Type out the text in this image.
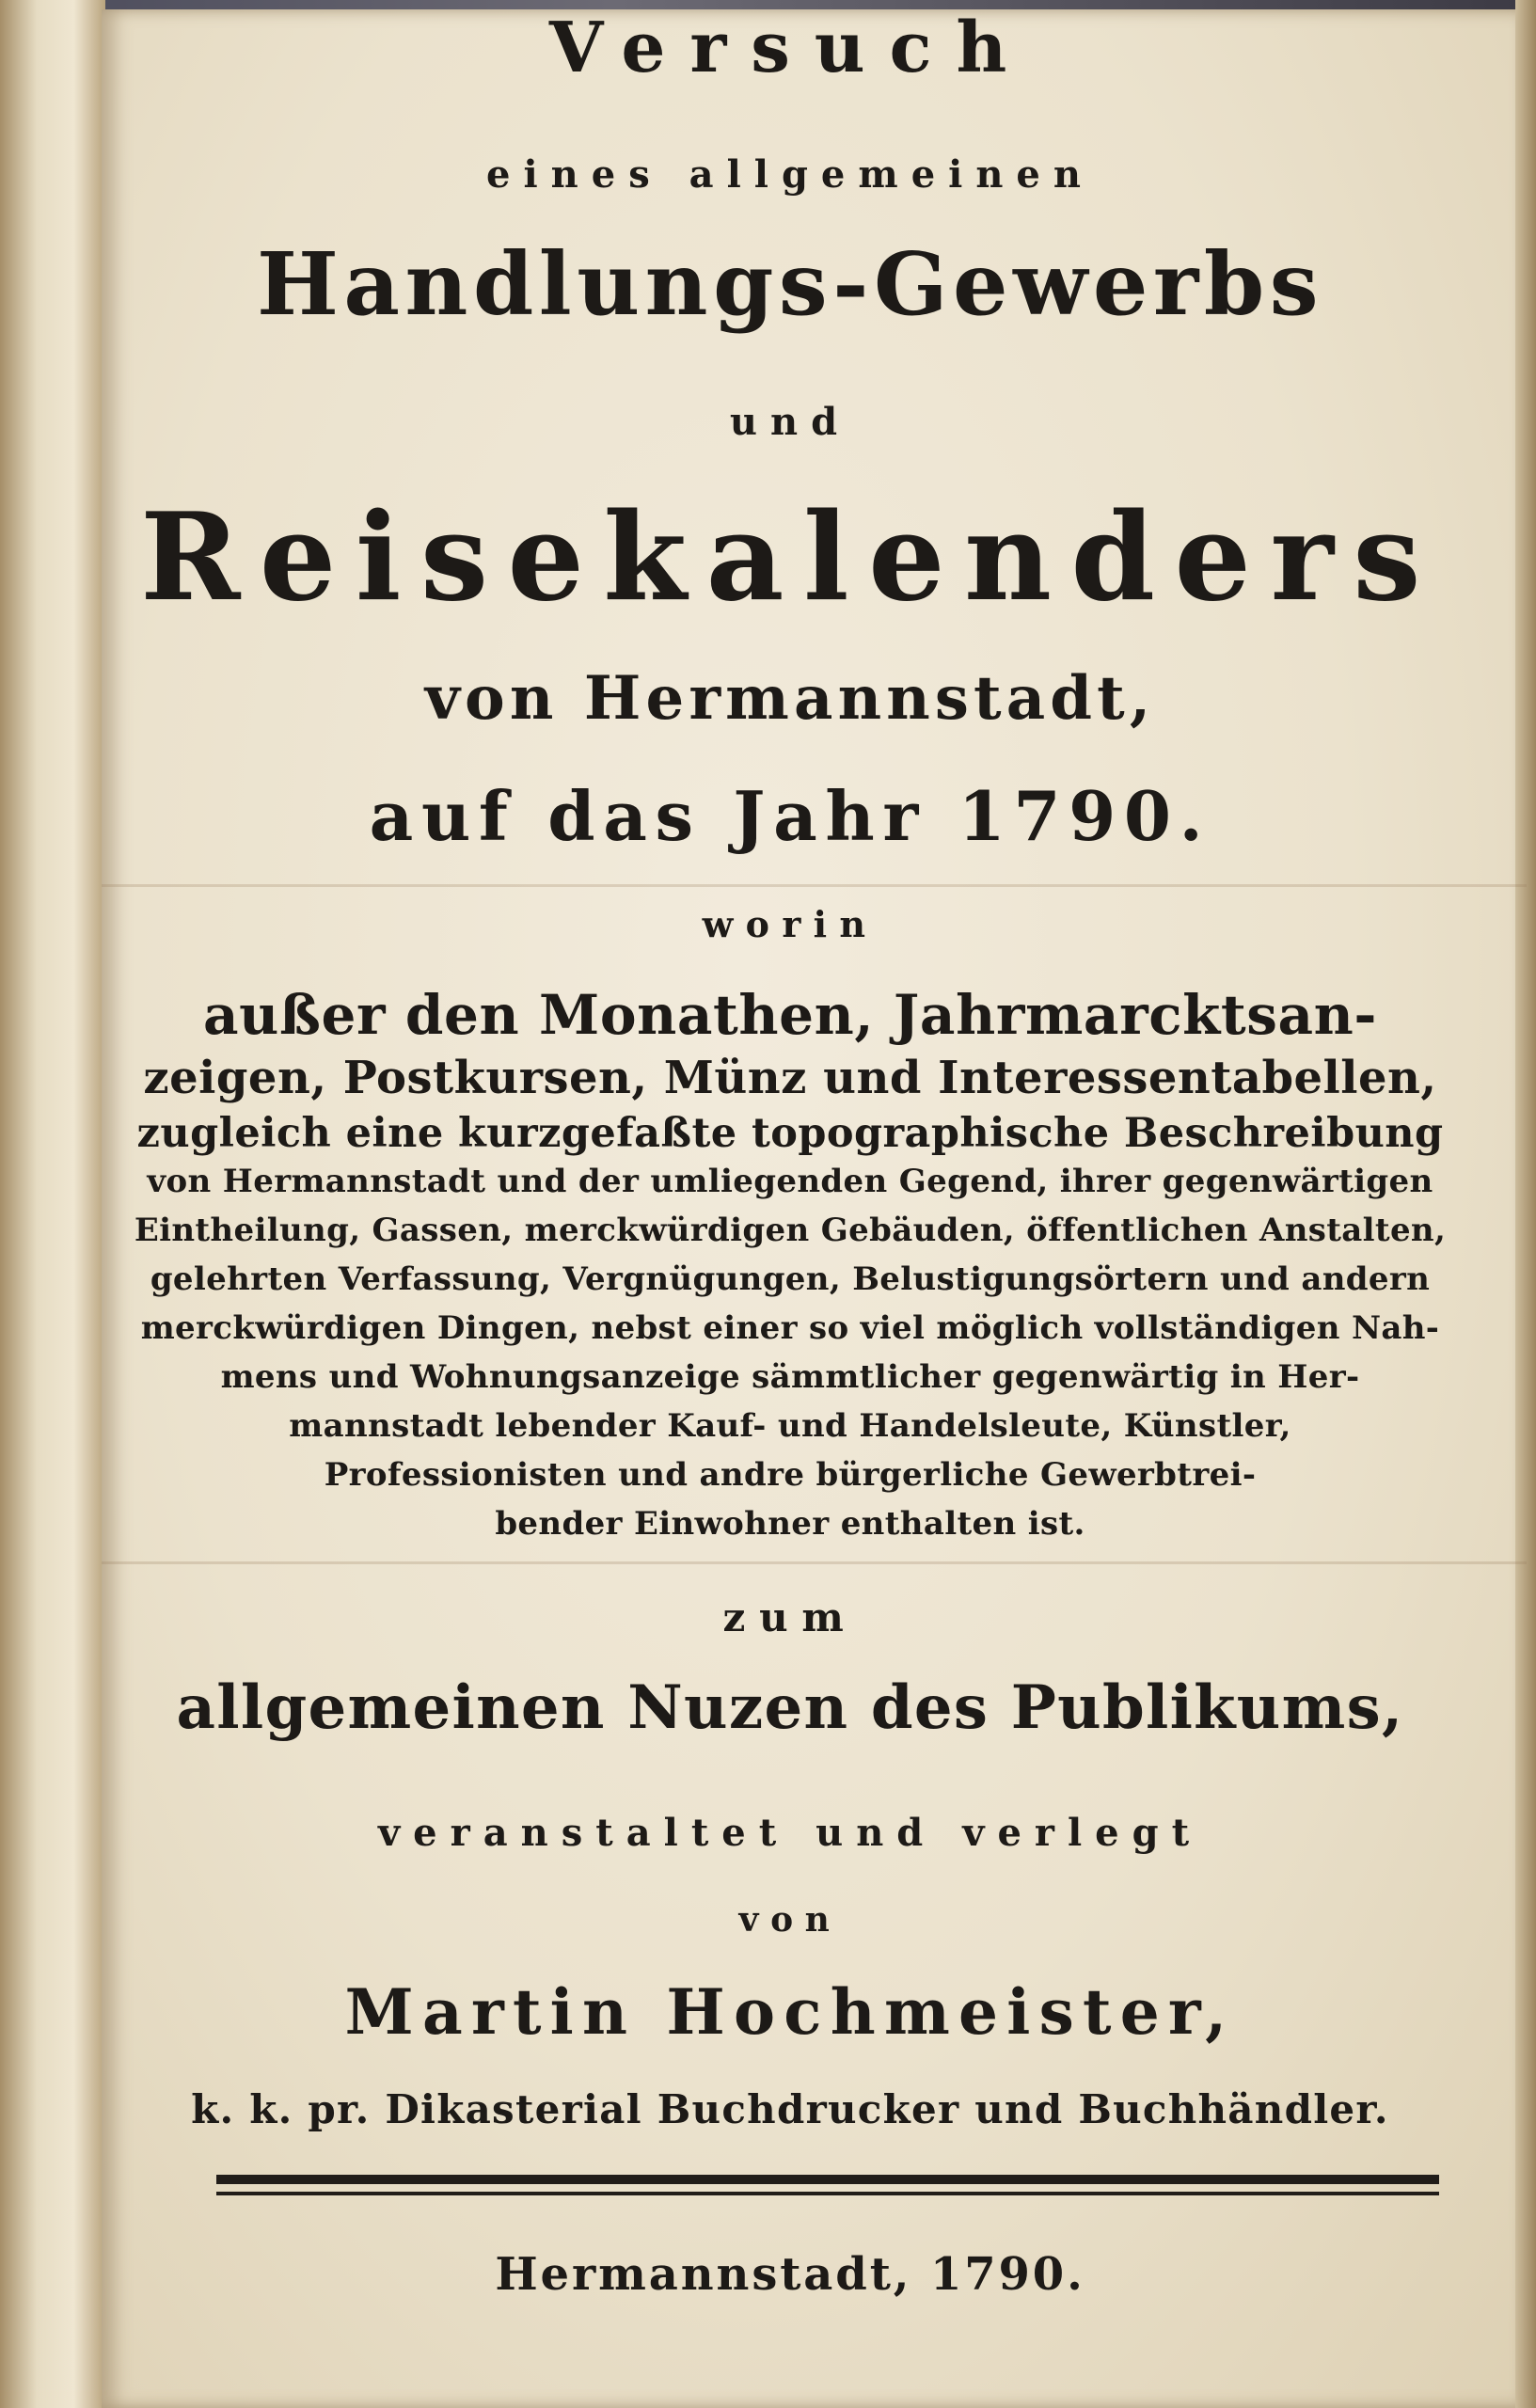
Versuch
eines allgemeinen
Handlungs-Gewerbs
und
Reisekalenders
von Hermannstadt,
auf das Jahr 1790.
worin
außer den Monathen, Jahrmarcktsan-
zeigen, Postkursen, Münz und Interessentabellen,
zugleich eine kurzgefaßte topographische Beschreibung
von Hermannstadt und der umliegenden Gegend, ihrer gegenwärtigen
Eintheilung, Gassen, merckwürdigen Gebäuden, öffentlichen Anstalten,
gelehrten Verfassung, Vergnügungen, Belustigungsörtern und andern
merckwürdigen Dingen, nebst einer so viel möglich vollständigen Nah-
mens und Wohnungsanzeige sämmtlicher gegenwärtig in Her-
mannstadt lebender Kauf- und Handelsleute, Künstler,
Professionisten und andre bürgerliche Gewerbtrei-
bender Einwohner enthalten ist.
zum
allgemeinen Nuzen des Publikums,
veranstaltet und verlegt
von
Martin Hochmeister,
k. k. pr. Dikasterial Buchdrucker und Buchhändler.
Hermannstadt, 1790.
